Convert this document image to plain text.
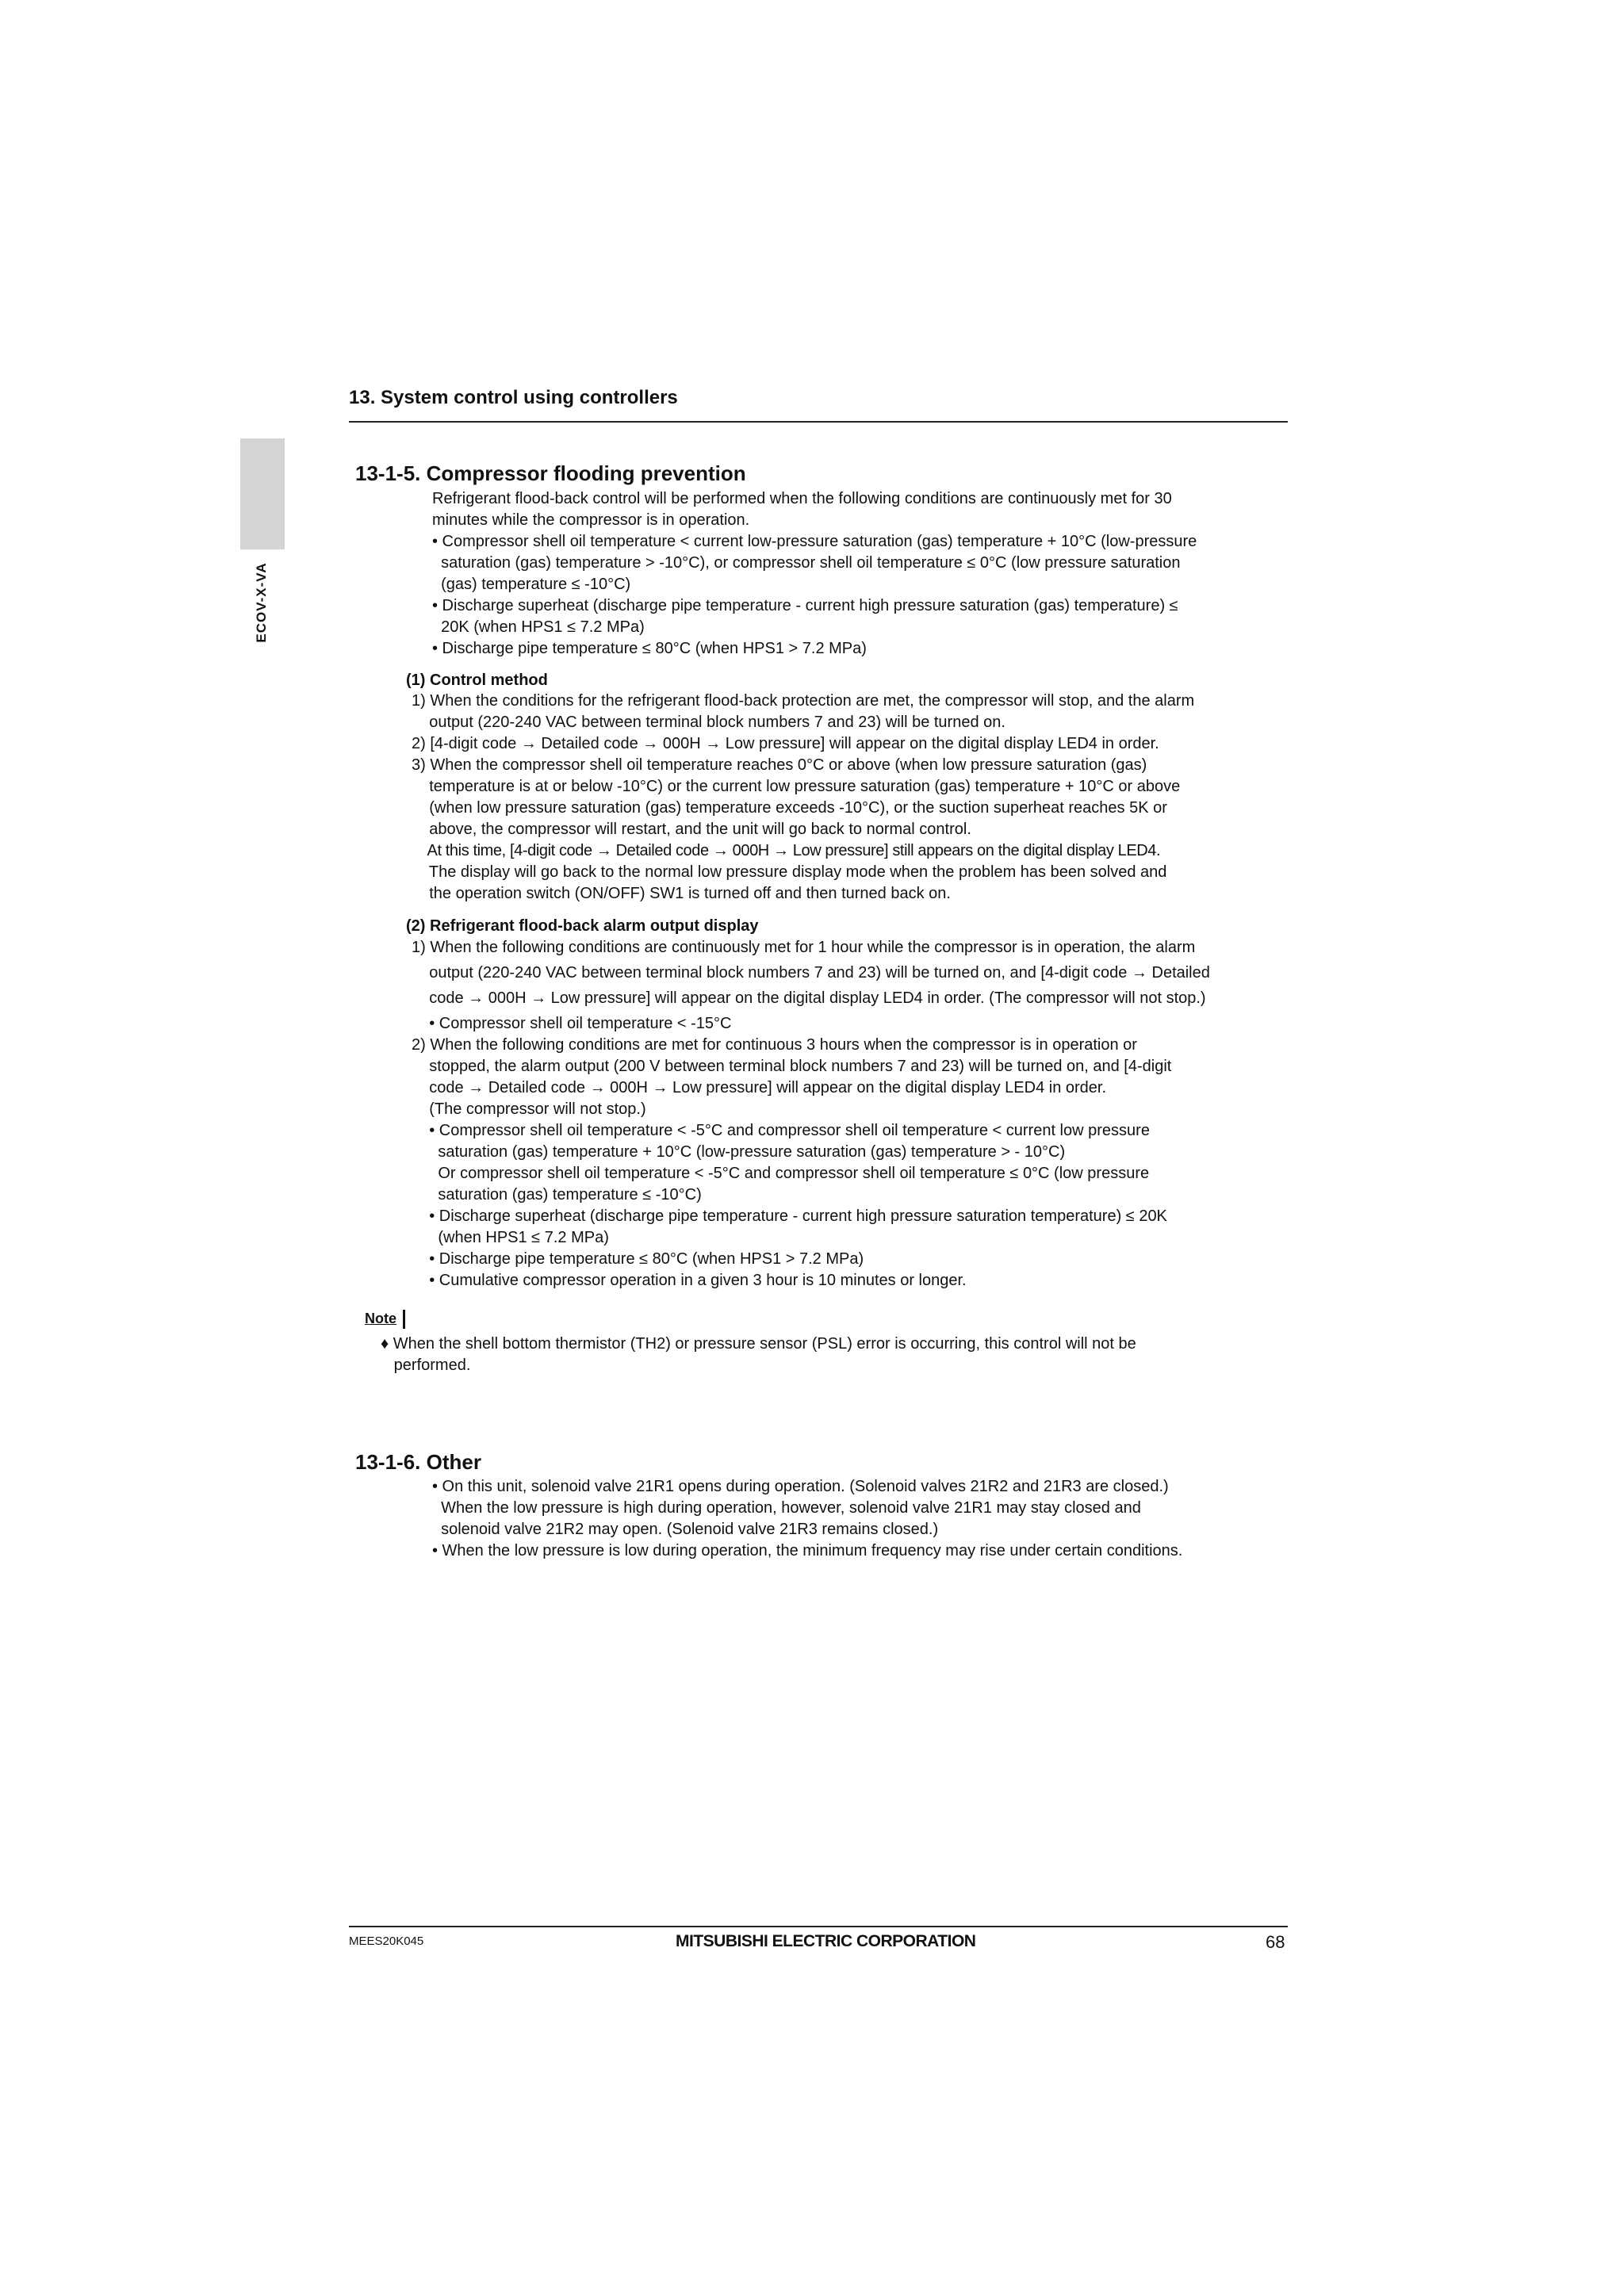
13. System control using controllers
ECOV-X-VA
13-1-5. Compressor flooding prevention
Refrigerant flood-back control will be performed when the following conditions are continuously met for 30
minutes while the compressor is in operation.
• Compressor shell oil temperature < current low-pressure saturation (gas) temperature + 10°C (low-pressure
saturation (gas) temperature > -10°C), or compressor shell oil temperature ≤ 0°C (low pressure saturation
(gas) temperature ≤ -10°C)
• Discharge superheat (discharge pipe temperature - current high pressure saturation (gas) temperature) ≤
20K (when HPS1 ≤ 7.2 MPa)
• Discharge pipe temperature ≤ 80°C (when HPS1 > 7.2 MPa)
(1) Control method
1) When the conditions for the refrigerant flood-back protection are met, the compressor will stop, and the alarm
output (220-240 VAC between terminal block numbers 7 and 23) will be turned on.
2) [4-digit code → Detailed code → 000H → Low pressure] will appear on the digital display LED4 in order.
3) When the compressor shell oil temperature reaches 0°C or above (when low pressure saturation (gas)
temperature is at or below -10°C) or the current low pressure saturation (gas) temperature + 10°C or above
(when low pressure saturation (gas) temperature exceeds -10°C), or the suction superheat reaches 5K or
above, the compressor will restart, and the unit will go back to normal control.
At this time, [4-digit code → Detailed code → 000H → Low pressure] still appears on the digital display LED4.
The display will go back to the normal low pressure display mode when the problem has been solved and
the operation switch (ON/OFF) SW1 is turned off and then turned back on.
(2) Refrigerant flood-back alarm output display
1) When the following conditions are continuously met for 1 hour while the compressor is in operation, the alarm
output (220-240 VAC between terminal block numbers 7 and 23) will be turned on, and [4-digit code → Detailed
code → 000H → Low pressure] will appear on the digital display LED4 in order. (The compressor will not stop.)
• Compressor shell oil temperature < -15°C
2) When the following conditions are met for continuous 3 hours when the compressor is in operation or
stopped, the alarm output (200 V between terminal block numbers 7 and 23) will be turned on, and [4-digit
code → Detailed code → 000H → Low pressure] will appear on the digital display LED4 in order.
(The compressor will not stop.)
• Compressor shell oil temperature < -5°C and compressor shell oil temperature < current low pressure
saturation (gas) temperature + 10°C (low-pressure saturation (gas) temperature > - 10°C)
Or compressor shell oil temperature < -5°C and compressor shell oil temperature ≤ 0°C (low pressure
saturation (gas) temperature ≤ -10°C)
• Discharge superheat (discharge pipe temperature - current high pressure saturation temperature) ≤ 20K
(when HPS1 ≤ 7.2 MPa)
• Discharge pipe temperature ≤ 80°C (when HPS1 > 7.2 MPa)
• Cumulative compressor operation in a given 3 hour is 10 minutes or longer.
Note
♦ When the shell bottom thermistor (TH2) or pressure sensor (PSL) error is occurring, this control will not be
performed.
13-1-6. Other
• On this unit, solenoid valve 21R1 opens during operation. (Solenoid valves 21R2 and 21R3 are closed.)
When the low pressure is high during operation, however, solenoid valve 21R1 may stay closed and
solenoid valve 21R2 may open. (Solenoid valve 21R3 remains closed.)
• When the low pressure is low during operation, the minimum frequency may rise under certain conditions.
MEES20K045	MITSUBISHI ELECTRIC CORPORATION	68
